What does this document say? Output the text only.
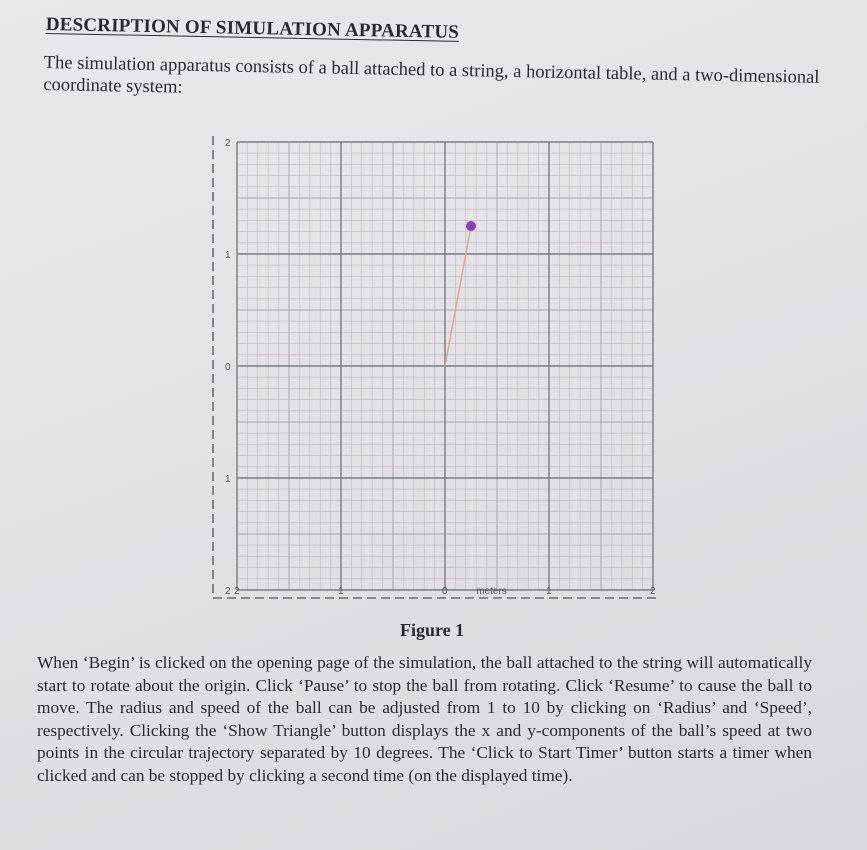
DESCRIPTION OF SIMULATION APPARATUS

The simulation apparatus consists of a ball attached to a string, a horizontal table, and a two-dimensional coordinate system:

2
1
0
1
2 2	1	0	1	2
meters

Figure 1

When ‘Begin’ is clicked on the opening page of the simulation, the ball attached to the string will automatically start to rotate about the origin. Click ‘Pause’ to stop the ball from rotating. Click ‘Resume’ to cause the ball to move. The radius and speed of the ball can be adjusted from 1 to 10 by clicking on ‘Radius’ and ‘Speed’, respectively. Clicking the ‘Show Triangle’ button displays the x and y-components of the ball’s speed at two points in the circular trajectory separated by 10 degrees. The ‘Click to Start Timer’ button starts a timer when clicked and can be stopped by clicking a second time (on the displayed time).
